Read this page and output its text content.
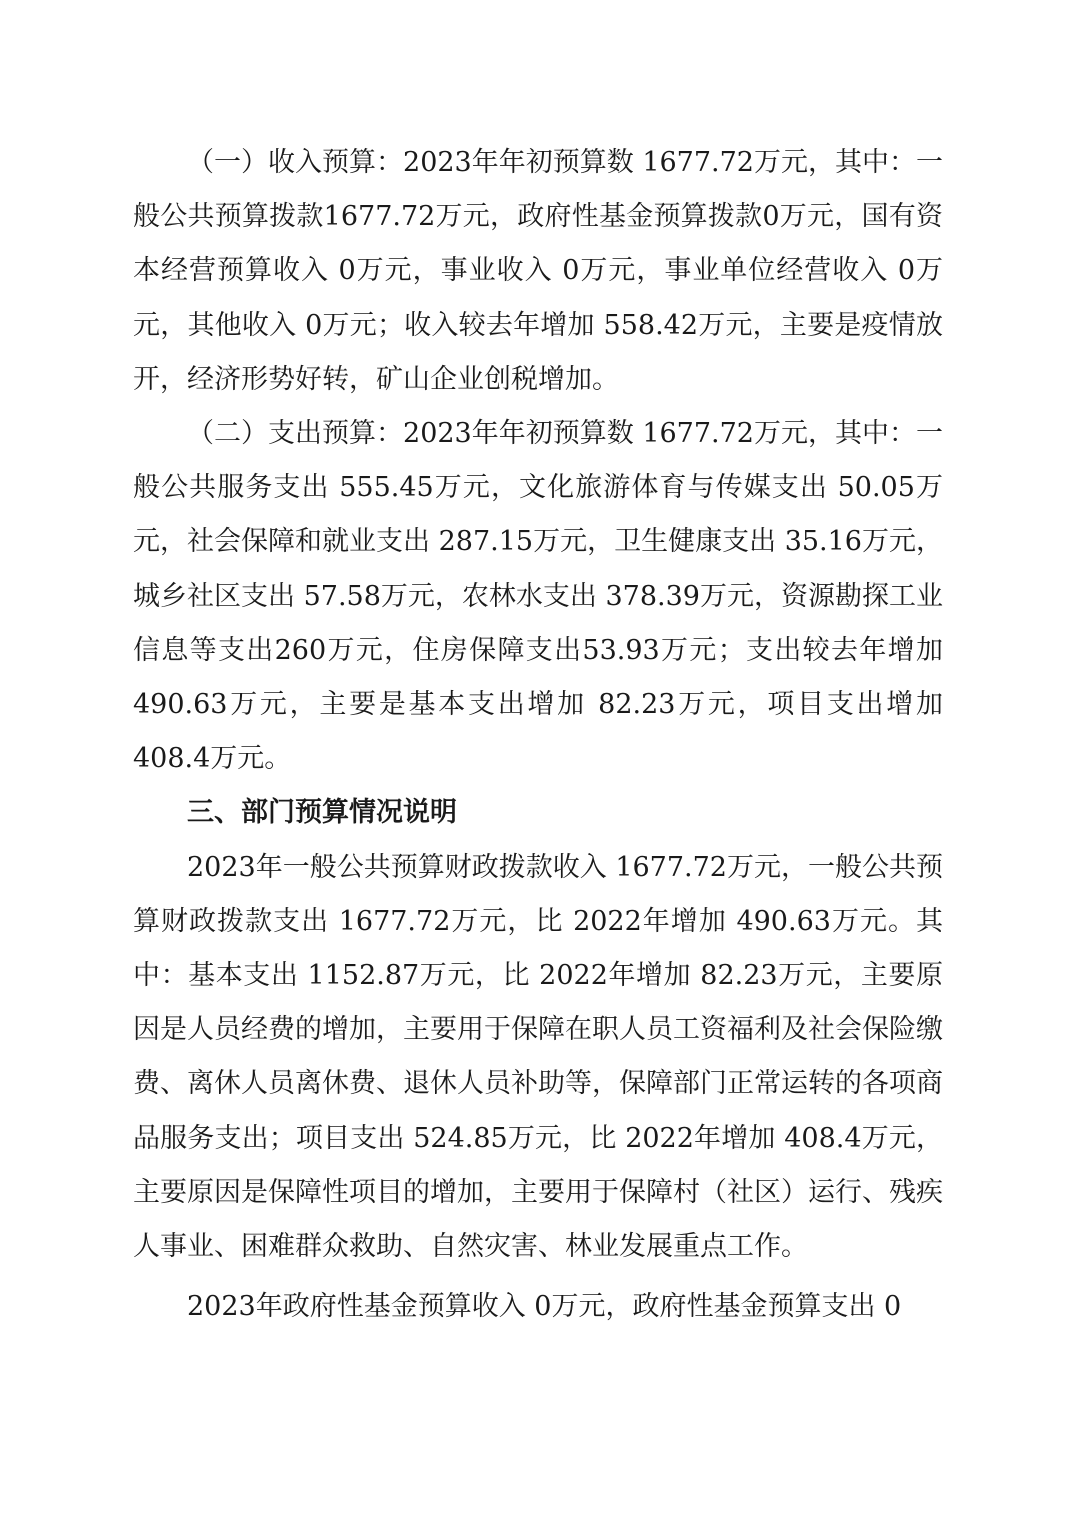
（一）收入预算：2023年年初预算数 1677.72万元，其中：一般公共预算拨款1677.72万元，政府性基金预算拨款0万元，国有资本经营预算收入 0万元，事业收入 0万元，事业单位经营收入 0万元，其他收入 0万元；收入较去年增加 558.42万元，主要是疫情放开，经济形势好转，矿山企业创税增加。

（二）支出预算：2023年年初预算数 1677.72万元，其中：一般公共服务支出 555.45万元，文化旅游体育与传媒支出 50.05万元，社会保障和就业支出 287.15万元，卫生健康支出 35.16万元，城乡社区支出 57.58万元，农林水支出 378.39万元，资源勘探工业信息等支出260万元，住房保障支出53.93万元；支出较去年增加 490.63万元，主要是基本支出增加 82.23万元，项目支出增加 408.4万元。

三、部门预算情况说明

2023年一般公共预算财政拨款收入 1677.72万元，一般公共预算财政拨款支出 1677.72万元，比 2022年增加 490.63万元。其中：基本支出 1152.87万元，比 2022年增加 82.23万元，主要原因是人员经费的增加，主要用于保障在职人员工资福利及社会保险缴费、离休人员离休费、退休人员补助等，保障部门正常运转的各项商品服务支出；项目支出 524.85万元，比 2022年增加 408.4万元，主要原因是保障性项目的增加，主要用于保障村（社区）运行、残疾人事业、困难群众救助、自然灾害、林业发展重点工作。

2023年政府性基金预算收入 0万元，政府性基金预算支出 0
